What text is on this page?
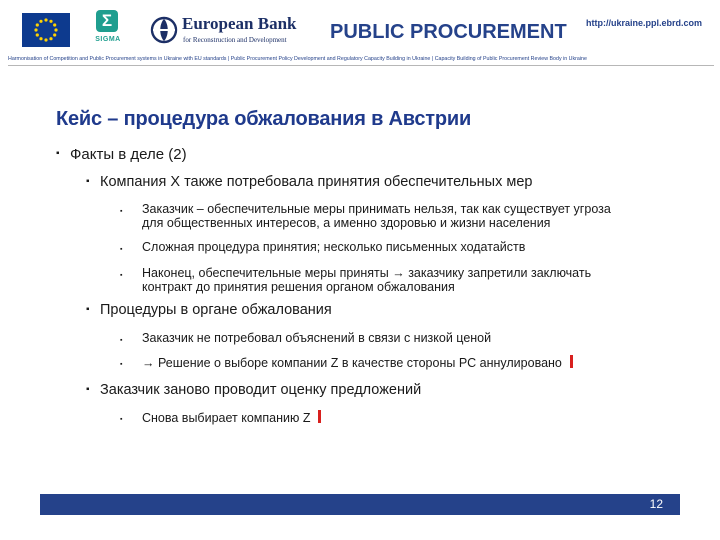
Σ
SIGMA
European Bank
for Reconstruction and Development PUBLIC PROCUREMENT http://ukraine.ppl.ebrd.com
Harmonisation of Competition and Public Procurement systems in Ukraine with EU standards | Public Procurement Policy Development and Regulatory Capacity Building in Ukraine | Capacity Building of Public Procurement Review Body in Ukraine
Кейс – процедура обжалования в Австрии
▪ Факты в деле (2)
▪ Компания X также потребовала принятия обеспечительных мер
▪ Заказчик – обеспечительные меры принимать нельзя, так как существует угроза
для общественных интересов, а именно здоровью и жизни населения
▪ Сложная процедура принятия; несколько письменных ходатайств
▪ Наконец, обеспечительные меры приняты → заказчику запретили заключать
контракт до принятия решения органом обжалования
▪ Процедуры в органе обжалования
▪ Заказчик не потребовал объяснений в связи с низкой ценой
▪ → Решение о выборе компании Z в качестве стороны PC аннулировано
▪ Заказчик заново проводит оценку предложений
▪ Снова выбирает компанию Z
12
